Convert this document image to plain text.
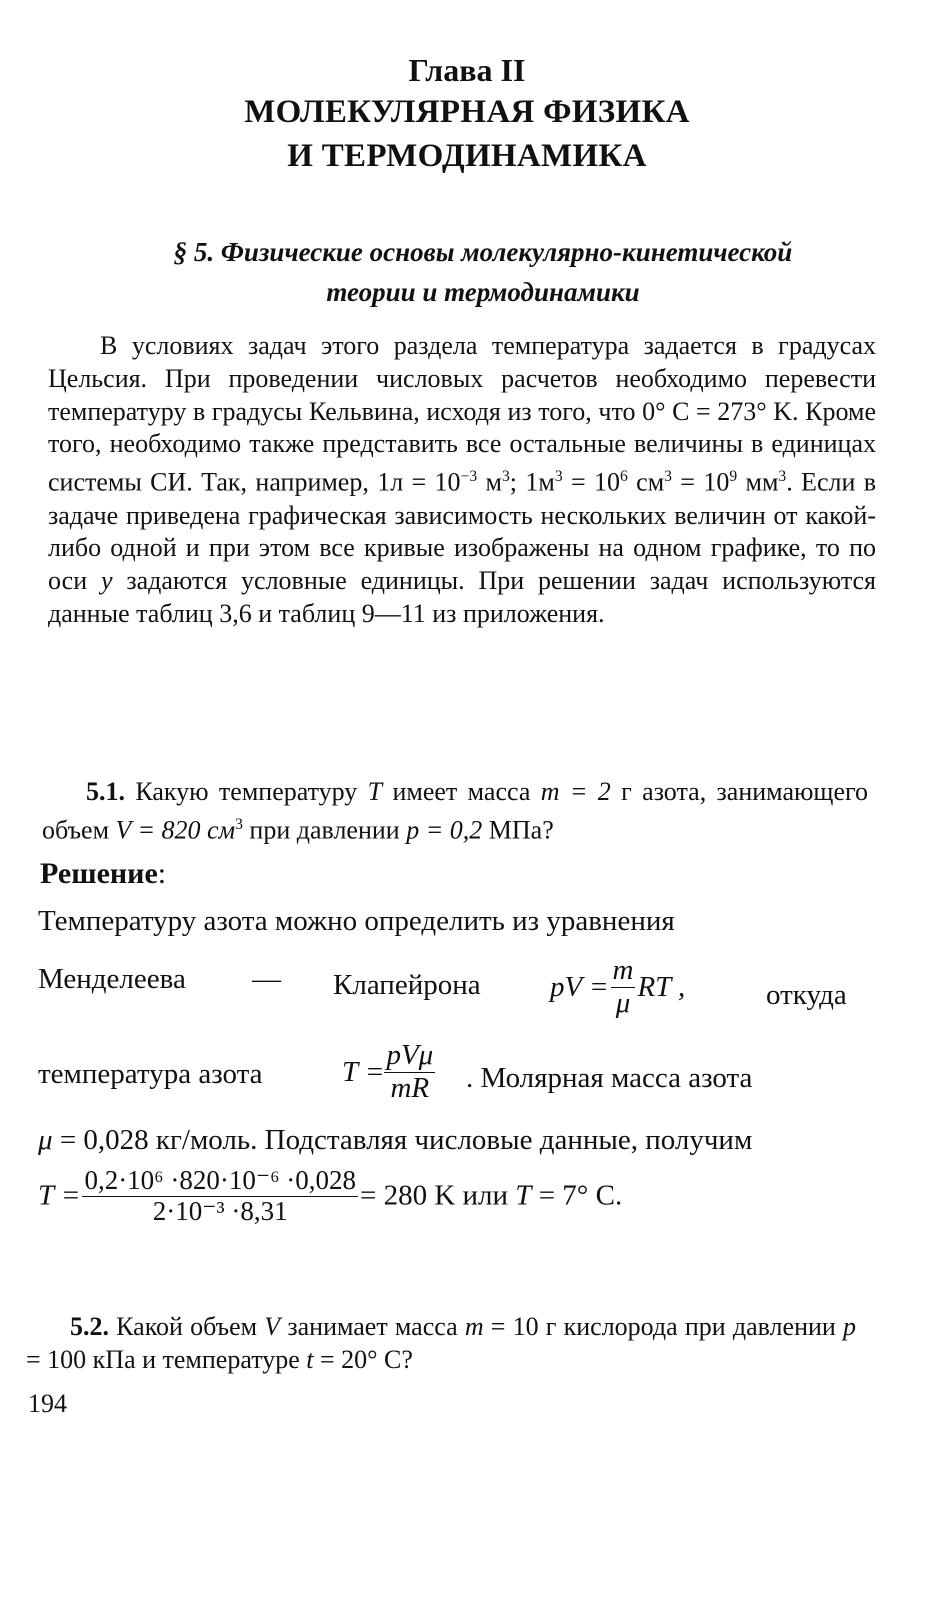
Глава II
МОЛЕКУЛЯРНАЯ ФИЗИКА
И ТЕРМОДИНАМИКА
§ 5. Физические основы молекулярно-кинетической
теории и термодинамики
В условиях задач этого раздела температура задается в градусах Цельсия. При проведении числовых расчетов необходимо перевести температуру в градусы Кельвина, исходя из того, что 0° C = 273° K. Кроме того, необходимо также представить все остальные величины в единицах системы СИ. Так, например, $1л = 10^{-3}$ $м^3$; $1м^3 = 10^6$ $см^3 = 10^9$ $мм^3$. Если в задаче приведена графическая зависимость нескольких величин от какой-либо одной и при этом все кривые изображены на одном графике, то по оси y задаются условные единицы. При решении задач используются данные таблиц 3,6 и таблиц 9—11 из приложения.
5.1. Какую температуру T имеет масса m = 2 г азота, занимающего объем V = 820 $см^3$ при давлении p = 0,2 МПа?
Решение:
Температуру азота можно определить из уравнения
Менделеева — Клапейрона pV = $\frac{m}{\mu}$ RT ,	откуда
температура азота	$T = \frac{\text{pVμ}}{mR}$ . Молярная масса азота
μ = 0,028 кг/моль. Подставляя числовые данные, получим
$T = \frac{\text{0,2·10⁶ ·820·10⁻⁶ ·0,028}}{\text{2·10⁻³ ·8,31}} = 280$ K или T = 7° C.
5.2. Какой объем V занимает масса m = 10 г кислорода при давлении p = 100 кПа и температуре t = 20° C?
194
